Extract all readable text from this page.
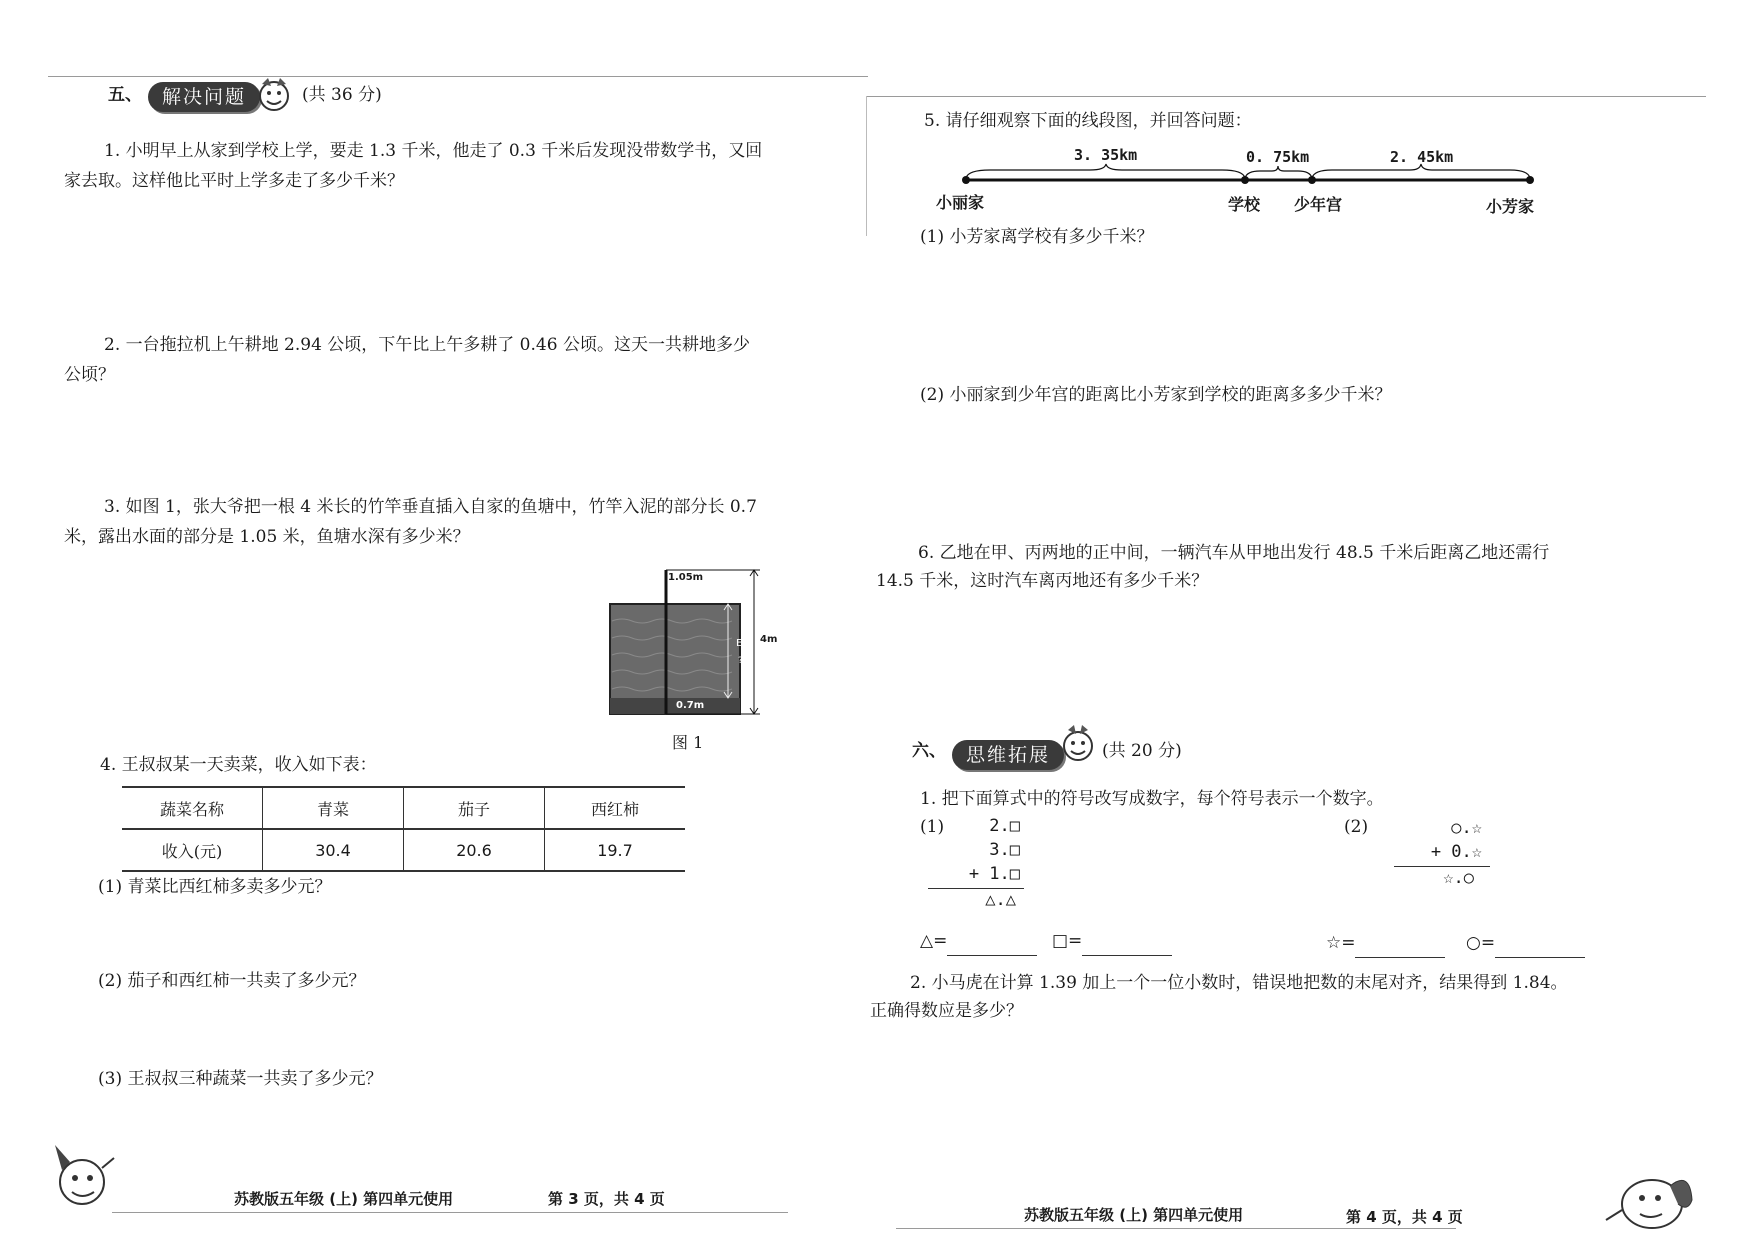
五、	解决问题	(共 36 分)
1. 小明早上从家到学校上学，要走 1.3 千米，他走了 0.3 千米后发现没带数学书，又回
家去取。这样他比平时上学多走了多少千米？
2. 一台拖拉机上午耕地 2.94 公顷，下午比上午多耕了 0.46 公顷。这天一共耕地多少
公顷？
3. 如图 1，张大爷把一根 4 米长的竹竿垂直插入自家的鱼塘中，竹竿入泥的部分长 0.7
米，露出水面的部分是 1.05 米，鱼塘水深有多少米？
1.05m
E
?
4m
0.7m
图 1
4. 王叔叔某一天卖菜，收入如下表：
蔬菜名称	青菜	茄子	西红柿
收入(元)	30.4	20.6	19.7
(1) 青菜比西红柿多卖多少元？
(2) 茄子和西红柿一共卖了多少元？
(3) 王叔叔三种蔬菜一共卖了多少元？
苏教版五年级 (上) 第四单元使用	第 3 页，共 4 页
5. 请仔细观察下面的线段图，并回答问题：
3. 35km	0. 75km	2. 45km
小丽家	学校 少年宫	小芳家
(1) 小芳家离学校有多少千米？
(2) 小丽家到少年宫的距离比小芳家到学校的距离多多少千米？
6. 乙地在甲、丙两地的正中间，一辆汽车从甲地出发行 48.5 千米后距离乙地还需行
14.5 千米，这时汽车离丙地还有多少千米？
六、	思维拓展	(共 20 分)
1. 把下面算式中的符号改写成数字，每个符号表示一个数字。
(1)	2.□
3.□
+ 1.□
△.△
(2)	○.☆
+ 0.☆
☆.○
△=	□=	☆=	○=
2. 小马虎在计算 1.39 加上一个一位小数时，错误地把数的末尾对齐，结果得到 1.84。
正确得数应是多少？
苏教版五年级 (上) 第四单元使用	第 4 页，共 4 页
